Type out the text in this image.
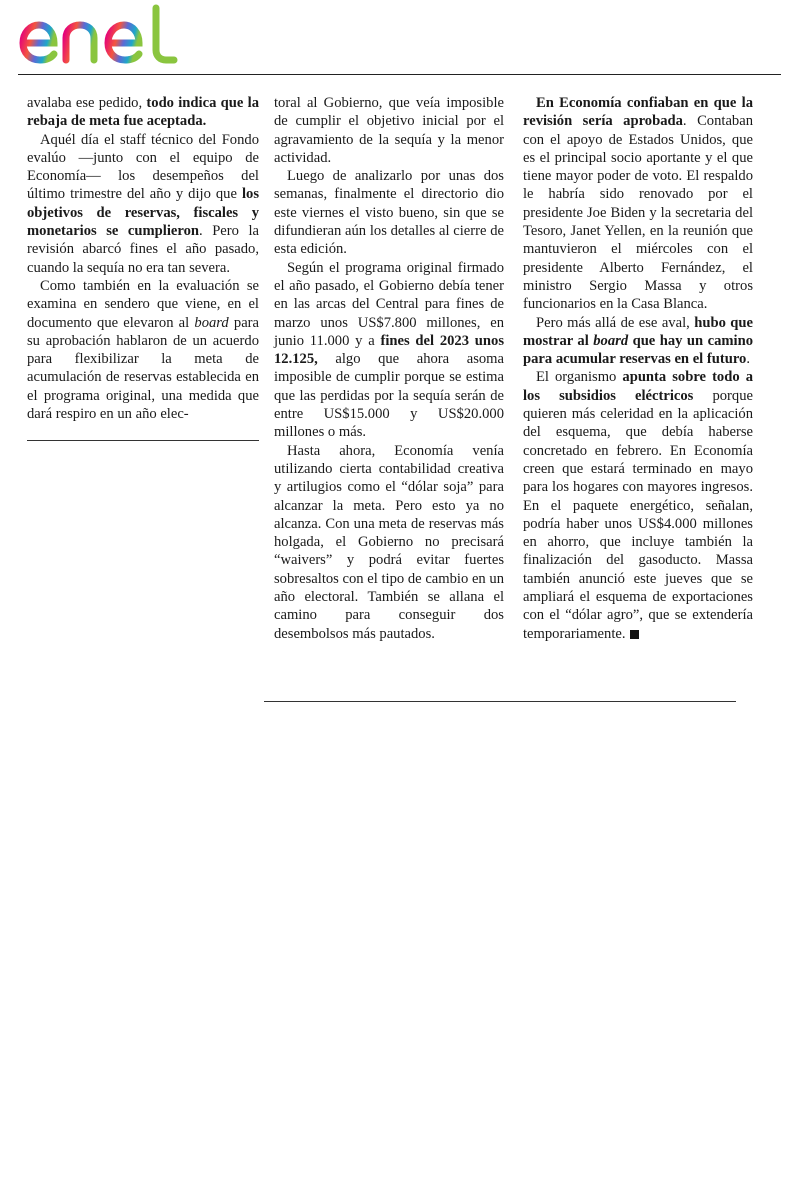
avalaba ese pedido, todo indica que la rebaja de meta fue aceptada.

Aquél día el staff técnico del Fondo evalúo —junto con el equipo de Economía— los desempeños del último trimestre del año y dijo que los objetivos de reservas, fiscales y monetarios se cumplieron. Pero la revisión abarcó fines el año pasado, cuando la sequía no era tan severa.

Como también en la evaluación se examina en sendero que viene, en el documento que elevaron al board para su aprobación hablaron de un acuerdo para flexibilizar la meta de acumulación de reservas establecida en el programa original, una medida que dará respiro en un año elec-

toral al Gobierno, que veía imposible de cumplir el objetivo inicial por el agravamiento de la sequía y la menor actividad.

Luego de analizarlo por unas dos semanas, finalmente el directorio dio este viernes el visto bueno, sin que se difundieran aún los detalles al cierre de esta edición.

Según el programa original firmado el año pasado, el Gobierno debía tener en las arcas del Central para fines de marzo unos US$7.800 millones, en junio 11.000 y a fines del 2023 unos 12.125, algo que ahora asoma imposible de cumplir porque se estima que las perdidas por la sequía serán de entre US$15.000 y US$20.000 millones o más.

Hasta ahora, Economía venía utilizando cierta contabilidad creativa y artilugios como el “dólar soja” para alcanzar la meta. Pero esto ya no alcanza. Con una meta de reservas más holgada, el Gobierno no precisará “waivers” y podrá evitar fuertes sobresaltos con el tipo de cambio en un año electoral. También se allana el camino para conseguir dos desembolsos más pautados.

En Economía confiaban en que la revisión sería aprobada. Contaban con el apoyo de Estados Unidos, que es el principal socio aportante y el que tiene mayor poder de voto. El respaldo le habría sido renovado por el presidente Joe Biden y la secretaria del Tesoro, Janet Yellen, en la reunión que mantuvieron el miércoles con el presidente Alberto Fernández, el ministro Sergio Massa y otros funcionarios en la Casa Blanca.

Pero más allá de ese aval, hubo que mostrar al board que hay un camino para acumular reservas en el futuro.

El organismo apunta sobre todo a los subsidios eléctricos porque quieren más celeridad en la aplicación del esquema, que debía haberse concretado en febrero. En Economía creen que estará terminado en mayo para los hogares con mayores ingresos. En el paquete energético, señalan, podría haber unos US$4.000 millones en ahorro, que incluye también la finalización del gasoducto. Massa también anunció este jueves que se ampliará el esquema de exportaciones con el “dólar agro”, que se extendería temporariamente.
